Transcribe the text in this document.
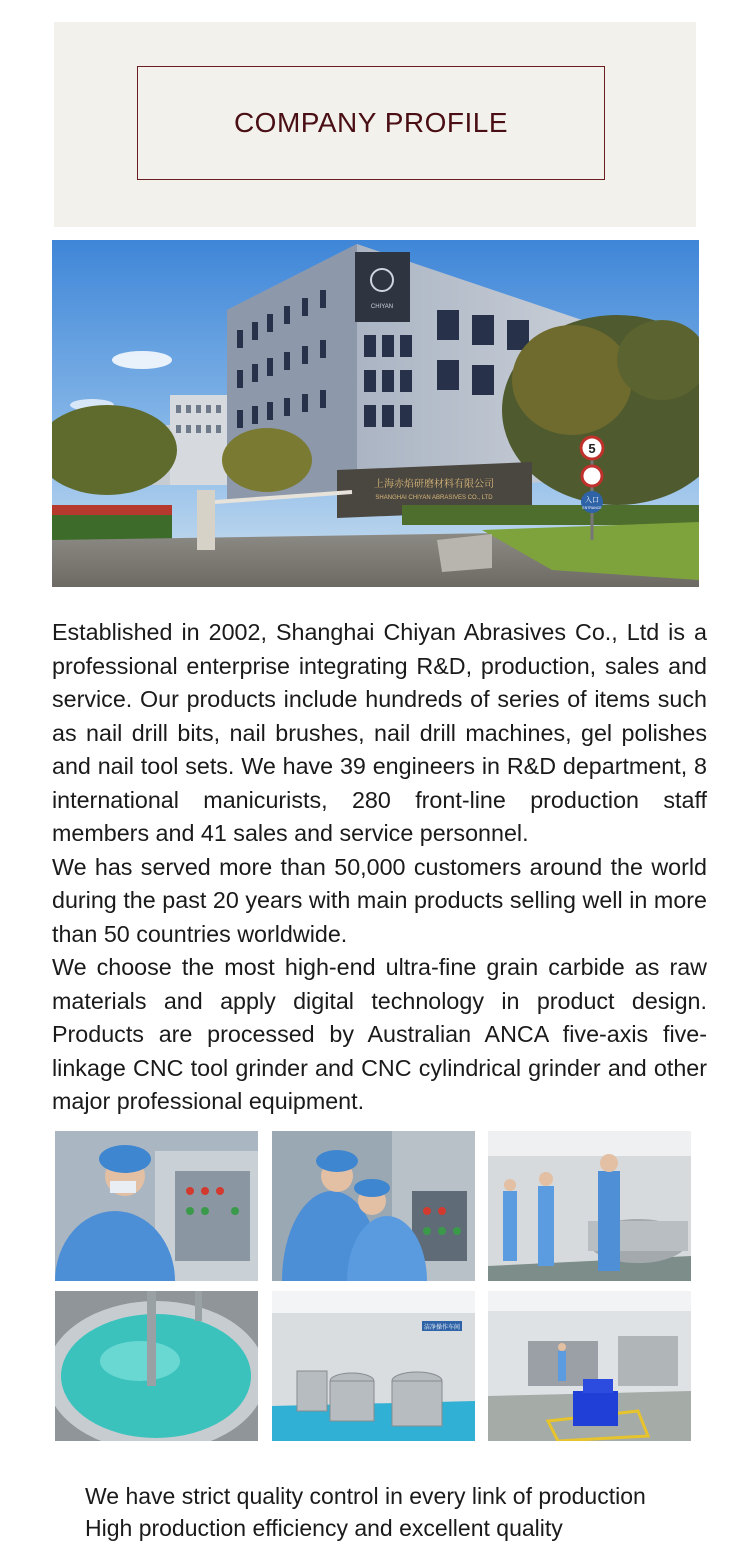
COMPANY PROFILE
CHIYAN
上海赤焰研磨材料有限公司
SHANGHAI CHIYAN ABRASIVES CO., LTD
5
入口
ENTRANCE

Established in 2002, Shanghai Chiyan Abrasives Co., Ltd is a professional enterprise integrating R&D, production, sales and service. Our products include hundreds of series of items such as nail drill bits, nail brushes, nail drill machines, gel polishes and nail tool sets. We have 39 engineers in R&D department, 8 international manicurists, 280 front-line production staff members and 41 sales and service personnel.

We has served more than 50,000 customers around the world during the past 20 years with main products selling well in more than 50 countries worldwide.

We choose the most high-end ultra-fine grain carbide as raw materials and apply digital technology in product design. Products are processed by Australian ANCA five-axis five-linkage CNC tool grinder and CNC cylindrical grinder and other major professional equipment.

洁净操作车间
We have strict quality control in every link of production
High production efficiency and excellent quality
